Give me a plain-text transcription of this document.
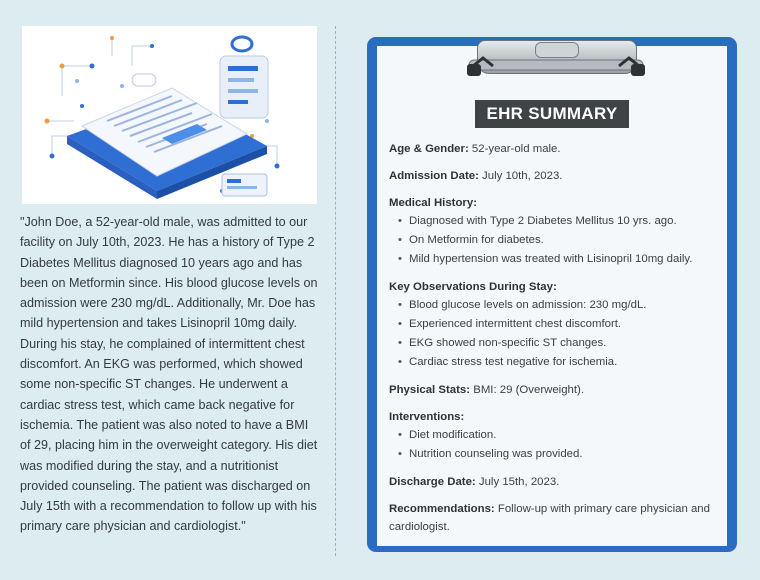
"John Doe, a 52-year-old male, was admitted to our facility on July 10th, 2023. He has a history of Type 2 Diabetes Mellitus diagnosed 10 years ago and has been on Metformin since. His blood glucose levels on admission were 230 mg/dL. Additionally, Mr. Doe has mild hypertension and takes Lisinopril 10mg daily. During his stay, he complained of intermittent chest discomfort. An EKG was performed, which showed some non-specific ST changes. He underwent a cardiac stress test, which came back negative for ischemia. The patient was also noted to have a BMI of 29, placing him in the overweight category. His diet was modified during the stay, and a nutritionist provided counseling. The patient was discharged on July 15th with a recommendation to follow up with his primary care physician and cardiologist."
EHR SUMMARY
Age & Gender: 52-year-old male.
Admission Date: July 10th, 2023.
Medical History:
• Diagnosed with Type 2 Diabetes Mellitus 10 yrs. ago.
• On Metformin for diabetes.
• Mild hypertension was treated with Lisinopril 10mg daily.
Key Observations During Stay:
• Blood glucose levels on admission: 230 mg/dL.
• Experienced intermittent chest discomfort.
• EKG showed non-specific ST changes.
• Cardiac stress test negative for ischemia.
Physical Stats: BMI: 29 (Overweight).
Interventions:
• Diet modification.
• Nutrition counseling was provided.
Discharge Date: July 15th, 2023.
Recommendations: Follow-up with primary care physician and cardiologist.
